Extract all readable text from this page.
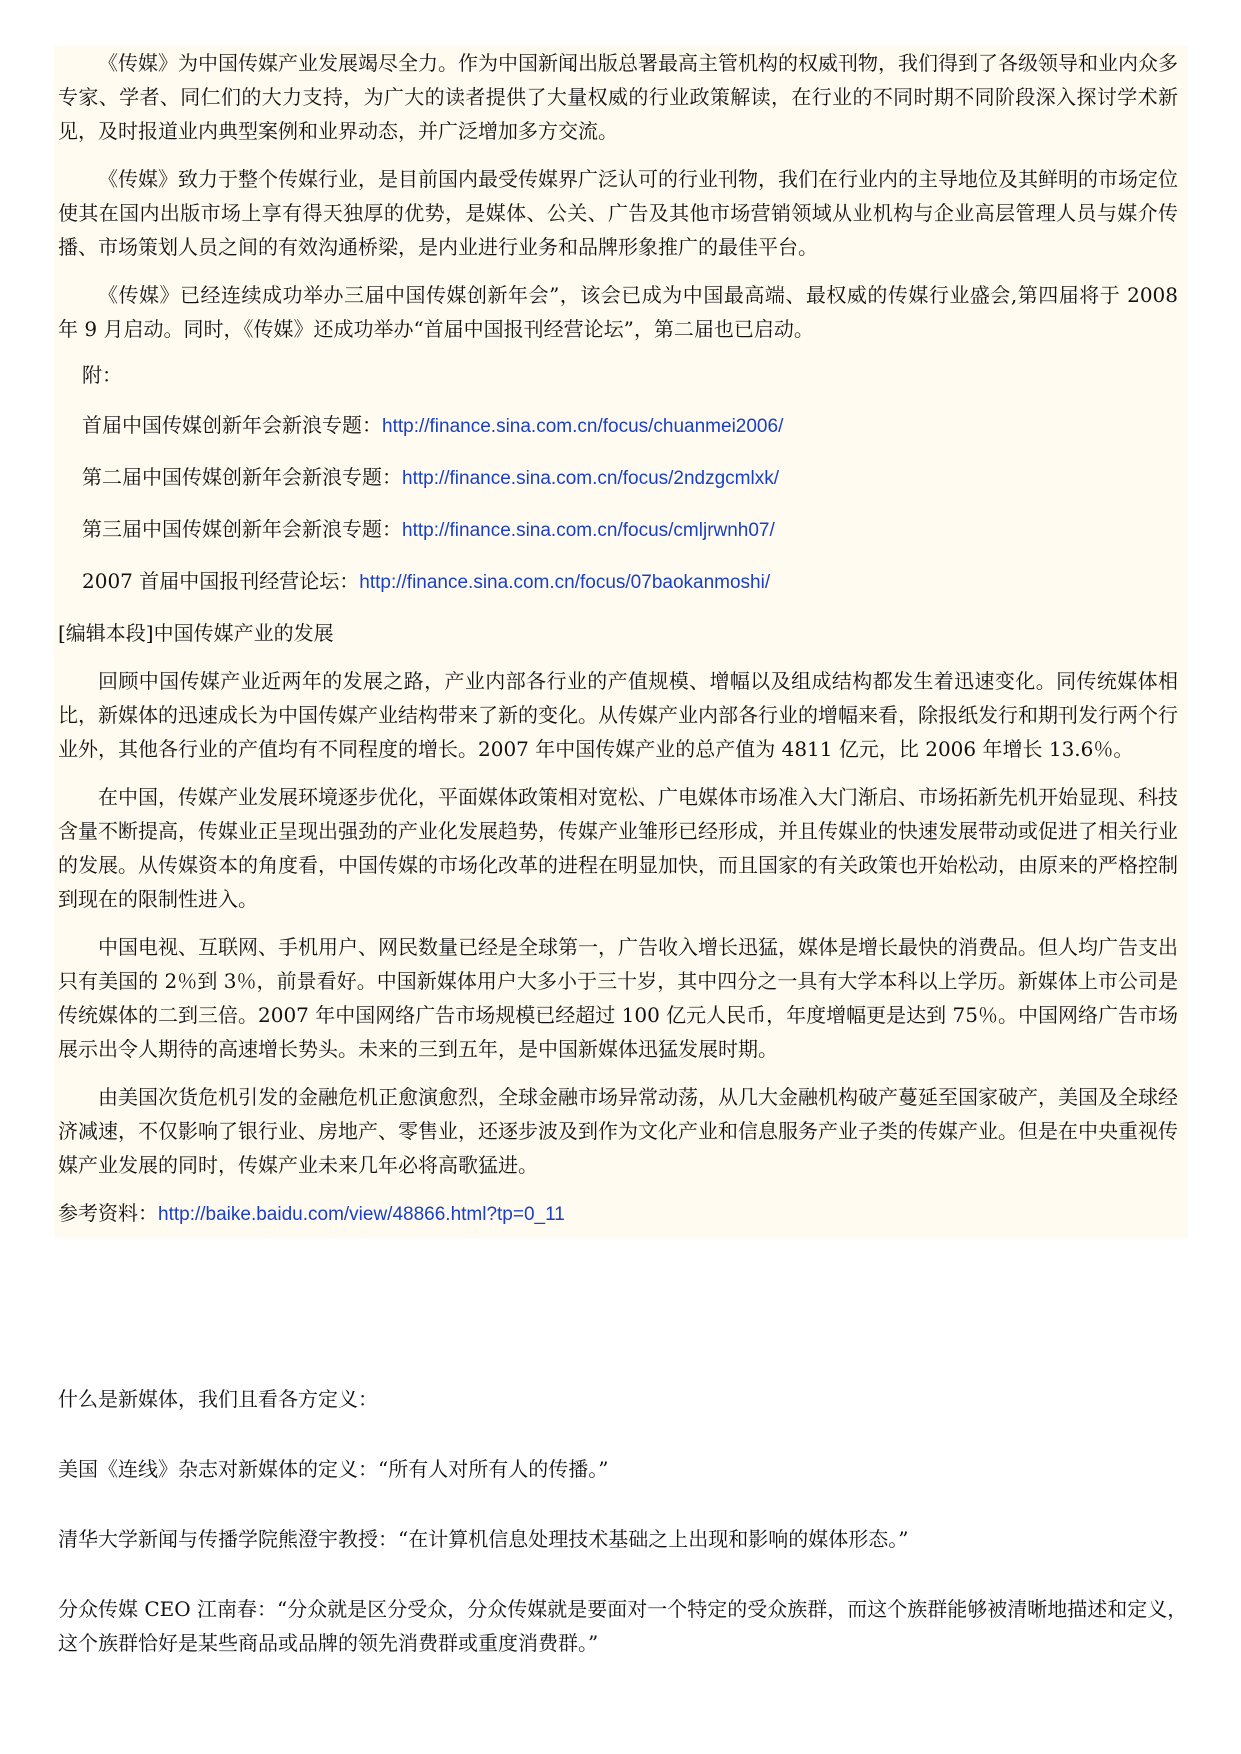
《传媒》为中国传媒产业发展竭尽全力。作为中国新闻出版总署最高主管机构的权威刊物，我们得到了各级领导和业内众多专家、学者、同仁们的大力支持，为广大的读者提供了大量权威的行业政策解读，在行业的不同时期不同阶段深入探讨学术新见，及时报道业内典型案例和业界动态，并广泛增加多方交流。

《传媒》致力于整个传媒行业，是目前国内最受传媒界广泛认可的行业刊物，我们在行业内的主导地位及其鲜明的市场定位使其在国内出版市场上享有得天独厚的优势，是媒体、公关、广告及其他市场营销领域从业机构与企业高层管理人员与媒介传播、市场策划人员之间的有效沟通桥梁，是内业进行业务和品牌形象推广的最佳平台。

《传媒》已经连续成功举办三届中国传媒创新年会”，该会已成为中国最高端、最权威的传媒行业盛会,第四届将于 2008 年 9 月启动。同时，《传媒》还成功举办“首届中国报刊经营论坛”，第二届也已启动。

附：

首届中国传媒创新年会新浪专题：http://finance.sina.com.cn/focus/chuanmei2006/

第二届中国传媒创新年会新浪专题：http://finance.sina.com.cn/focus/2ndzgcmlxk/

第三届中国传媒创新年会新浪专题：http://finance.sina.com.cn/focus/cmljrwnh07/

2007 首届中国报刊经营论坛：http://finance.sina.com.cn/focus/07baokanmoshi/

[编辑本段]中国传媒产业的发展

回顾中国传媒产业近两年的发展之路，产业内部各行业的产值规模、增幅以及组成结构都发生着迅速变化。同传统媒体相比，新媒体的迅速成长为中国传媒产业结构带来了新的变化。从传媒产业内部各行业的增幅来看，除报纸发行和期刊发行两个行业外，其他各行业的产值均有不同程度的增长。2007 年中国传媒产业的总产值为 4811 亿元，比 2006 年增长 13.6％。

在中国，传媒产业发展环境逐步优化，平面媒体政策相对宽松、广电媒体市场准入大门渐启、市场拓新先机开始显现、科技含量不断提高，传媒业正呈现出强劲的产业化发展趋势，传媒产业雏形已经形成，并且传媒业的快速发展带动或促进了相关行业的发展。从传媒资本的角度看，中国传媒的市场化改革的进程在明显加快，而且国家的有关政策也开始松动，由原来的严格控制到现在的限制性进入。

中国电视、互联网、手机用户、网民数量已经是全球第一，广告收入增长迅猛，媒体是增长最快的消费品。但人均广告支出只有美国的 2％到 3％，前景看好。中国新媒体用户大多小于三十岁，其中四分之一具有大学本科以上学历。新媒体上市公司是传统媒体的二到三倍。2007 年中国网络广告市场规模已经超过 100 亿元人民币，年度增幅更是达到 75％。中国网络广告市场展示出令人期待的高速增长势头。未来的三到五年，是中国新媒体迅猛发展时期。

由美国次货危机引发的金融危机正愈演愈烈，全球金融市场异常动荡，从几大金融机构破产蔓延至国家破产，美国及全球经济减速，不仅影响了银行业、房地产、零售业，还逐步波及到作为文化产业和信息服务产业子类的传媒产业。但是在中央重视传媒产业发展的同时，传媒产业未来几年必将高歌猛进。

参考资料：http://baike.baidu.com/view/48866.html?tp=0_11

什么是新媒体，我们且看各方定义：

美国《连线》杂志对新媒体的定义：“所有人对所有人的传播。”

清华大学新闻与传播学院熊澄宇教授：“在计算机信息处理技术基础之上出现和影响的媒体形态。”

分众传媒 CEO 江南春：“分众就是区分受众，分众传媒就是要面对一个特定的受众族群，而这个族群能够被清晰地描述和定义，这个族群恰好是某些商品或品牌的领先消费群或重度消费群。”
